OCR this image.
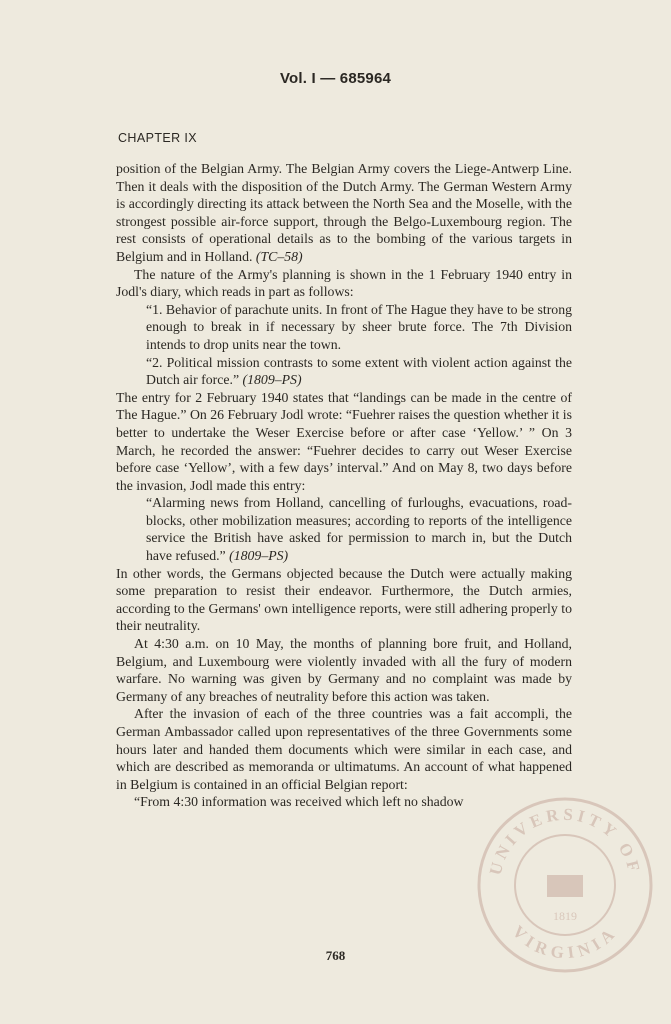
Vol. I — 685964
CHAPTER IX

position of the Belgian Army. The Belgian Army covers the Liege-Antwerp Line. Then it deals with the disposition of the Dutch Army. The German Western Army is accordingly directing its attack between the North Sea and the Moselle, with the strongest possible air-force support, through the Belgo-Luxembourg region. The rest consists of operational details as to the bombing of the various targets in Belgium and in Holland. (TC–58)

The nature of the Army's planning is shown in the 1 February 1940 entry in Jodl's diary, which reads in part as follows:

“1. Behavior of parachute units. In front of The Hague they have to be strong enough to break in if necessary by sheer brute force. The 7th Division intends to drop units near the town.

“2. Political mission contrasts to some extent with violent action against the Dutch air force.” (1809–PS)

The entry for 2 February 1940 states that “landings can be made in the centre of The Hague.” On 26 February Jodl wrote: “Fuehrer raises the question whether it is better to undertake the Weser Exercise before or after case ‘Yellow.’ ” On 3 March, he recorded the answer: “Fuehrer decides to carry out Weser Exercise before case ‘Yellow’, with a few days’ interval.” And on May 8, two days before the invasion, Jodl made this entry:

“Alarming news from Holland, cancelling of furloughs, evacuations, road-blocks, other mobilization measures; according to reports of the intelligence service the British have asked for permission to march in, but the Dutch have refused.” (1809–PS)

In other words, the Germans objected because the Dutch were actually making some preparation to resist their endeavor. Furthermore, the Dutch armies, according to the Germans' own intelligence reports, were still adhering properly to their neutrality.

At 4:30 a.m. on 10 May, the months of planning bore fruit, and Holland, Belgium, and Luxembourg were violently invaded with all the fury of modern warfare. No warning was given by Germany and no complaint was made by Germany of any breaches of neutrality before this action was taken.

After the invasion of each of the three countries was a fait accompli, the German Ambassador called upon representatives of the three Governments some hours later and handed them documents which were similar in each case, and which are described as memoranda or ultimatums. An account of what happened in Belgium is contained in an official Belgian report:

“From 4:30 information was received which left no shadow

768
UNIVERSITY OF
VIRGINIA
1819
